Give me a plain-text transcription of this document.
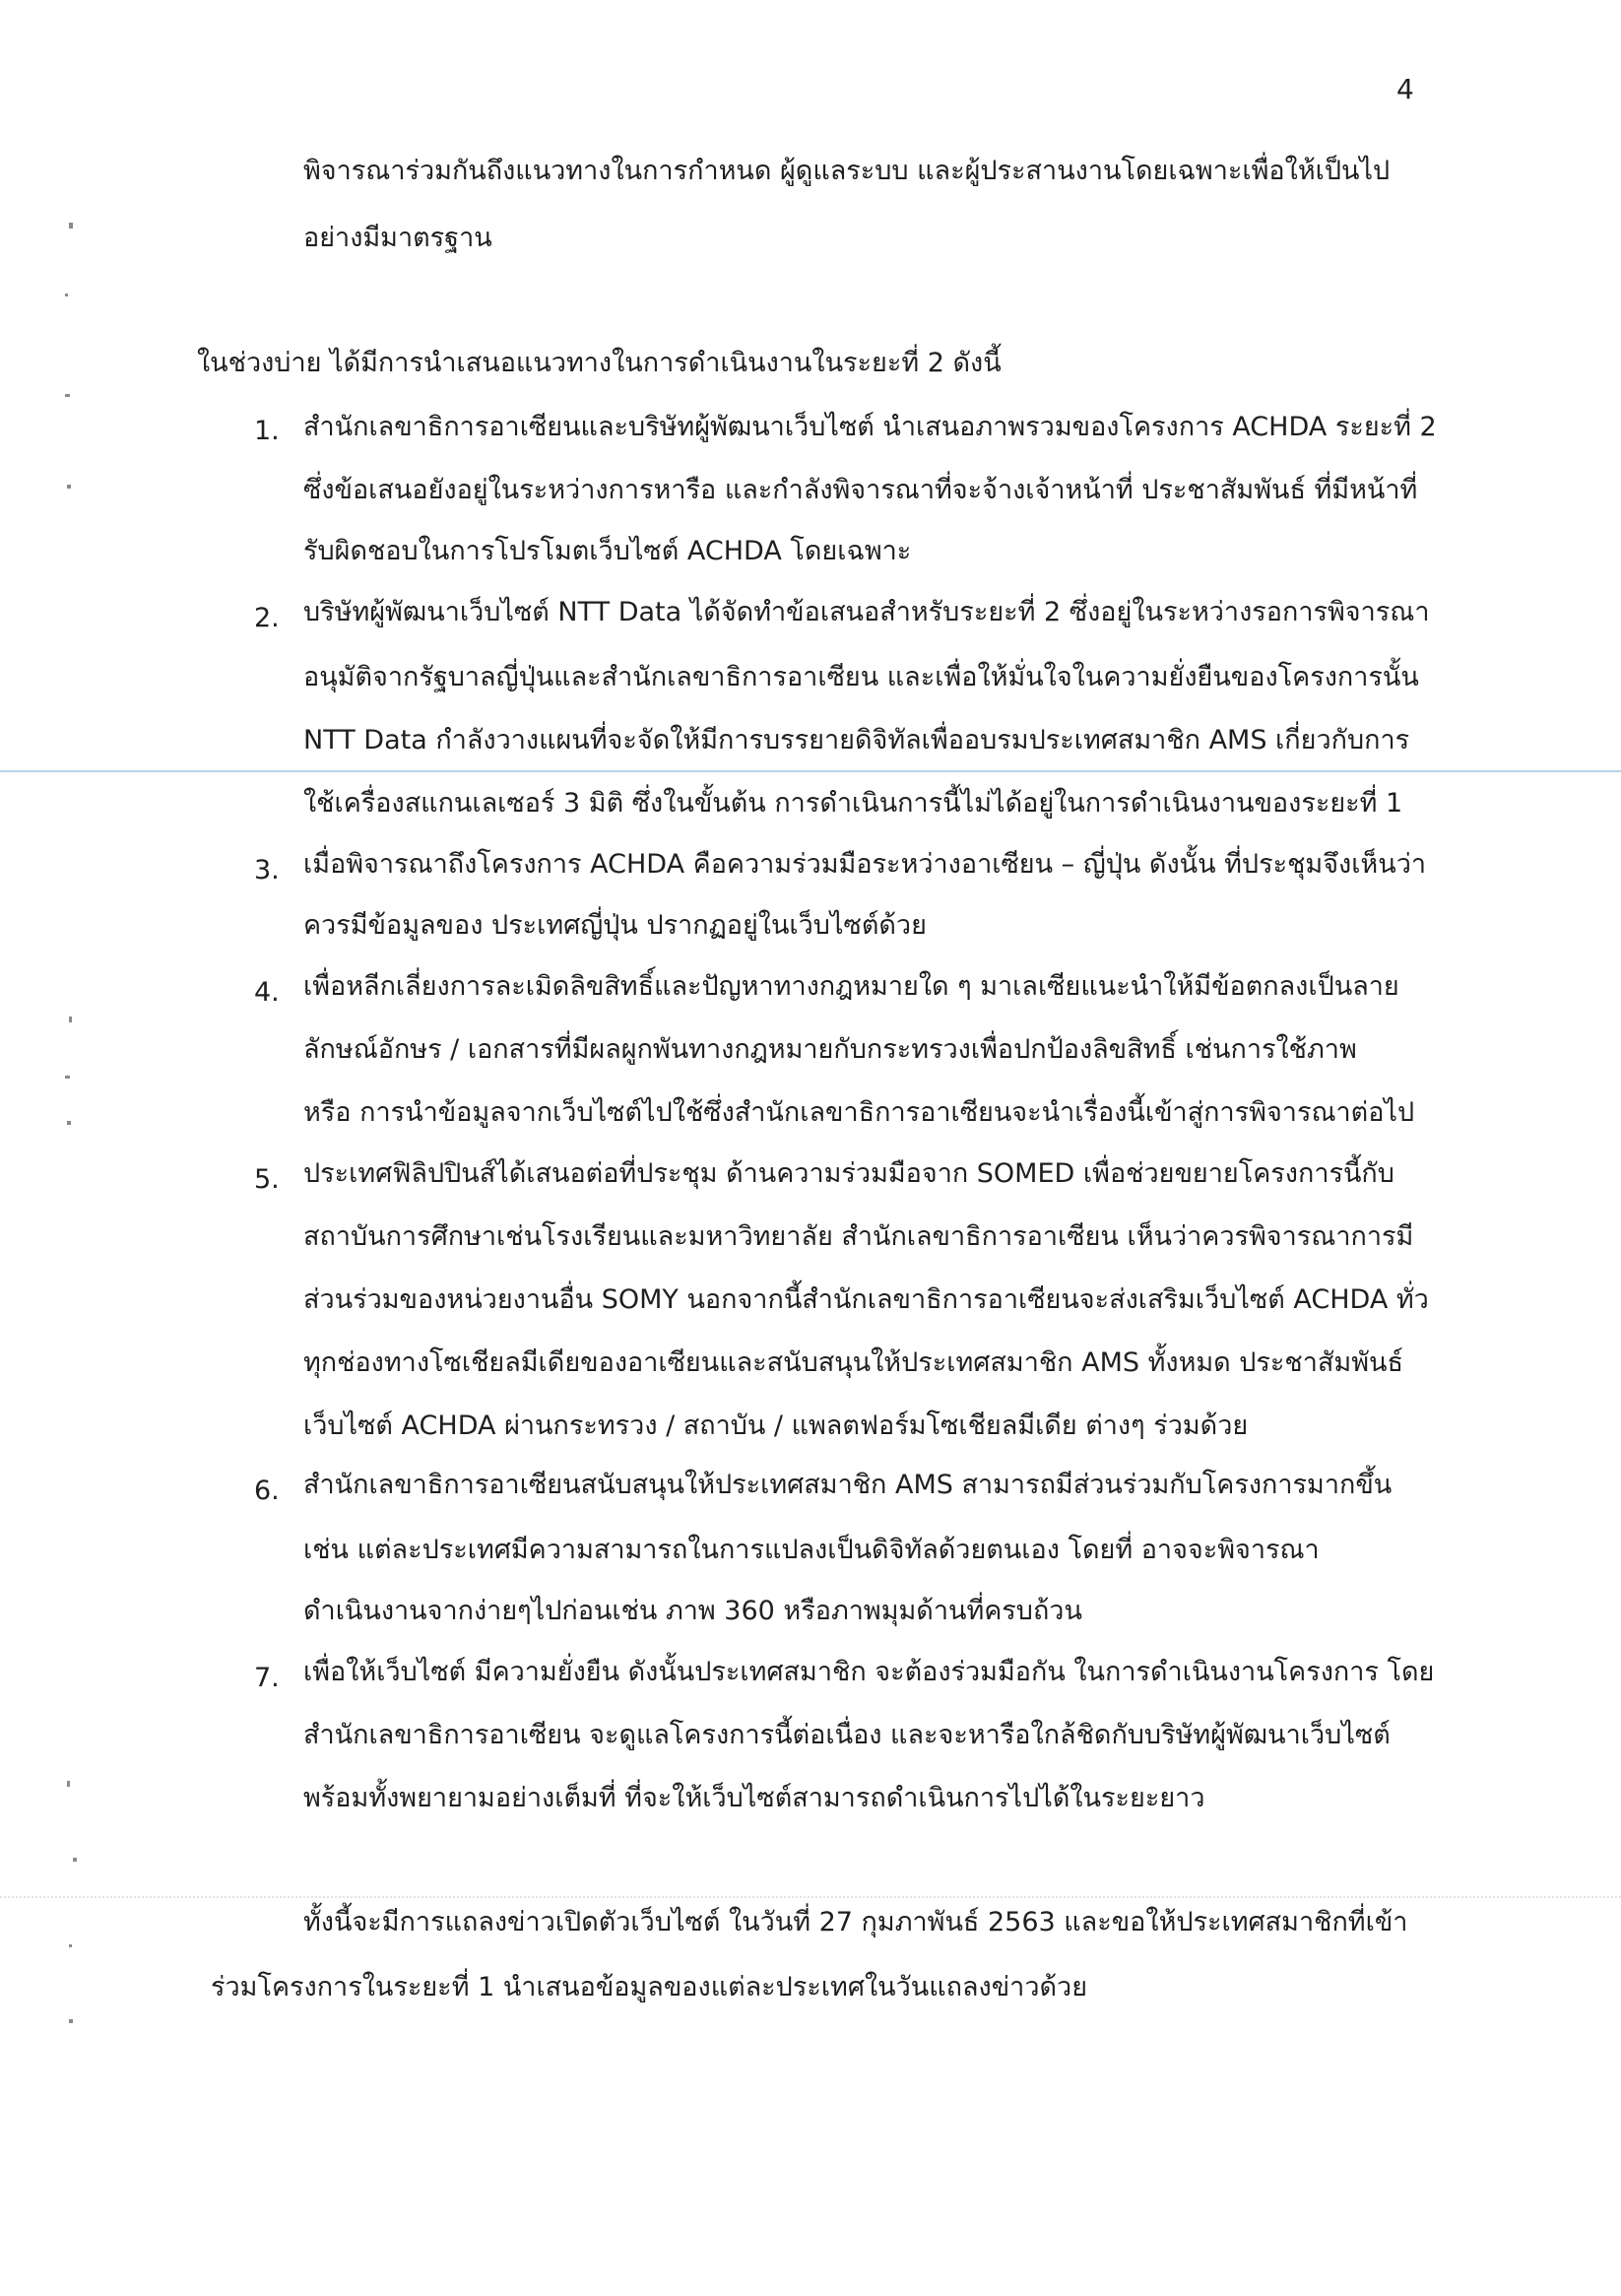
4
พิจารณาร่วมกันถึงแนวทางในการกำหนด ผู้ดูแลระบบ และผู้ประสานงานโดยเฉพาะเพื่อให้เป็นไป
อย่างมีมาตรฐาน
ในช่วงบ่าย ได้มีการนำเสนอแนวทางในการดำเนินงานในระยะที่ 2 ดังนี้
1. สำนักเลขาธิการอาเซียนและบริษัทผู้พัฒนาเว็บไซต์ นำเสนอภาพรวมของโครงการ ACHDA ระยะที่ 2
ซึ่งข้อเสนอยังอยู่ในระหว่างการหารือ และกำลังพิจารณาที่จะจ้างเจ้าหน้าที่ ประชาสัมพันธ์ ที่มีหน้าที่
รับผิดชอบในการโปรโมตเว็บไซต์ ACHDA โดยเฉพาะ
2. บริษัทผู้พัฒนาเว็บไซต์ NTT Data ได้จัดทำข้อเสนอสำหรับระยะที่ 2 ซึ่งอยู่ในระหว่างรอการพิจารณา
อนุมัติจากรัฐบาลญี่ปุ่นและสำนักเลขาธิการอาเซียน และเพื่อให้มั่นใจในความยั่งยืนของโครงการนั้น
NTT Data กำลังวางแผนที่จะจัดให้มีการบรรยายดิจิทัลเพื่ออบรมประเทศสมาชิก AMS เกี่ยวกับการ
ใช้เครื่องสแกนเลเซอร์ 3 มิติ ซึ่งในขั้นต้น การดำเนินการนี้ไม่ได้อยู่ในการดำเนินงานของระยะที่ 1
3. เมื่อพิจารณาถึงโครงการ ACHDA คือความร่วมมือระหว่างอาเซียน – ญี่ปุ่น ดังนั้น ที่ประชุมจึงเห็นว่า
ควรมีข้อมูลของ ประเทศญี่ปุ่น ปรากฏอยู่ในเว็บไซต์ด้วย
4. เพื่อหลีกเลี่ยงการละเมิดลิขสิทธิ์และปัญหาทางกฎหมายใด ๆ มาเลเซียแนะนำให้มีข้อตกลงเป็นลาย
ลักษณ์อักษร / เอกสารที่มีผลผูกพันทางกฎหมายกับกระทรวงเพื่อปกป้องลิขสิทธิ์ เช่นการใช้ภาพ
หรือ การนำข้อมูลจากเว็บไซต์ไปใช้ซึ่งสำนักเลขาธิการอาเซียนจะนำเรื่องนี้เข้าสู่การพิจารณาต่อไป
5. ประเทศฟิลิปปินส์ได้เสนอต่อที่ประชุม ด้านความร่วมมือจาก SOMED เพื่อช่วยขยายโครงการนี้กับ
สถาบันการศึกษาเช่นโรงเรียนและมหาวิทยาลัย สำนักเลขาธิการอาเซียน เห็นว่าควรพิจารณาการมี
ส่วนร่วมของหน่วยงานอื่น SOMY นอกจากนี้สำนักเลขาธิการอาเซียนจะส่งเสริมเว็บไซต์ ACHDA ทั่ว
ทุกช่องทางโซเชียลมีเดียของอาเซียนและสนับสนุนให้ประเทศสมาชิก AMS ทั้งหมด ประชาสัมพันธ์
เว็บไซต์ ACHDA ผ่านกระทรวง / สถาบัน / แพลตฟอร์มโซเชียลมีเดีย ต่างๆ ร่วมด้วย
6. สำนักเลขาธิการอาเซียนสนับสนุนให้ประเทศสมาชิก AMS สามารถมีส่วนร่วมกับโครงการมากขึ้น
เช่น แต่ละประเทศมีความสามารถในการแปลงเป็นดิจิทัลด้วยตนเอง โดยที่ อาจจะพิจารณา
ดำเนินงานจากง่ายๆไปก่อนเช่น ภาพ 360 หรือภาพมุมด้านที่ครบถ้วน
7. เพื่อให้เว็บไซต์ มีความยั่งยืน ดังนั้นประเทศสมาชิก จะต้องร่วมมือกัน ในการดำเนินงานโครงการ โดย
สำนักเลขาธิการอาเซียน จะดูแลโครงการนี้ต่อเนื่อง และจะหารือใกล้ชิดกับบริษัทผู้พัฒนาเว็บไซต์
พร้อมทั้งพยายามอย่างเต็มที่ ที่จะให้เว็บไซต์สามารถดำเนินการไปได้ในระยะยาว
ทั้งนี้จะมีการแถลงข่าวเปิดตัวเว็บไซต์ ในวันที่ 27 กุมภาพันธ์ 2563 และขอให้ประเทศสมาชิกที่เข้า
ร่วมโครงการในระยะที่ 1 นำเสนอข้อมูลของแต่ละประเทศในวันแถลงข่าวด้วย
